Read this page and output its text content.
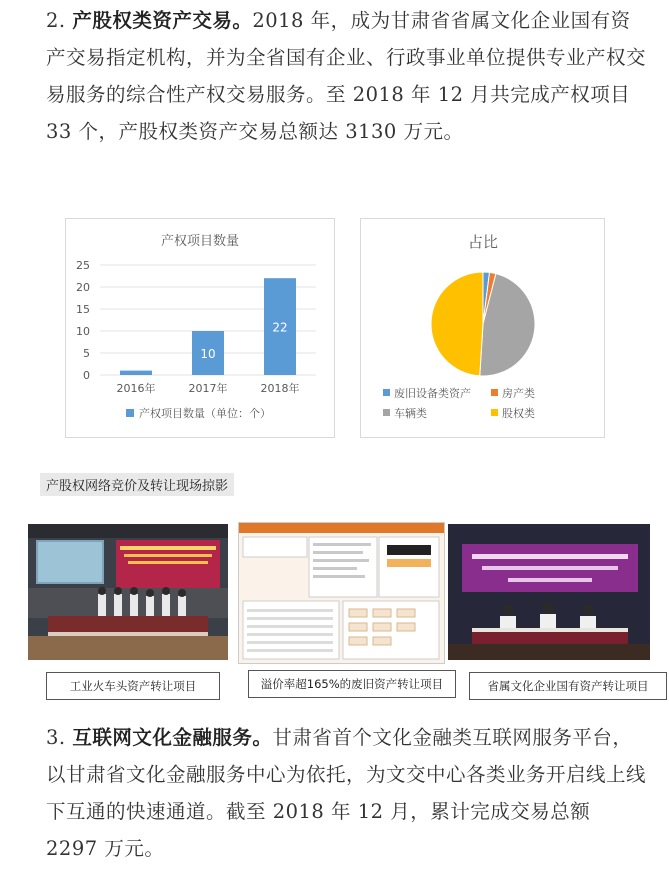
2. 产股权类资产交易。2018 年，成为甘肃省省属文化企业国有资产交易指定机构，并为全省国有企业、行政事业单位提供专业产权交易服务的综合性产权交易服务。至 2018 年 12 月共完成产权项目 33 个，产股权类资产交易总额达 3130 万元。
产权项目数量
0
5
10
15
20
25
2016年
10
2017年
22
2018年
产权项目数量（单位：个）
占比
废旧设备类资产	房产类
车辆类	股权类
产股权网络竞价及转让现场掠影
工业火车头资产转让项目	溢价率超165%的废旧资产转让项目	省属文化企业国有资产转让项目
3. 互联网文化金融服务。甘肃省首个文化金融类互联网服务平台，以甘肃省文化金融服务中心为依托，为文交中心各类业务开启线上线下互通的快速通道。截至 2018 年 12 月，累计完成交易总额 2297 万元。
